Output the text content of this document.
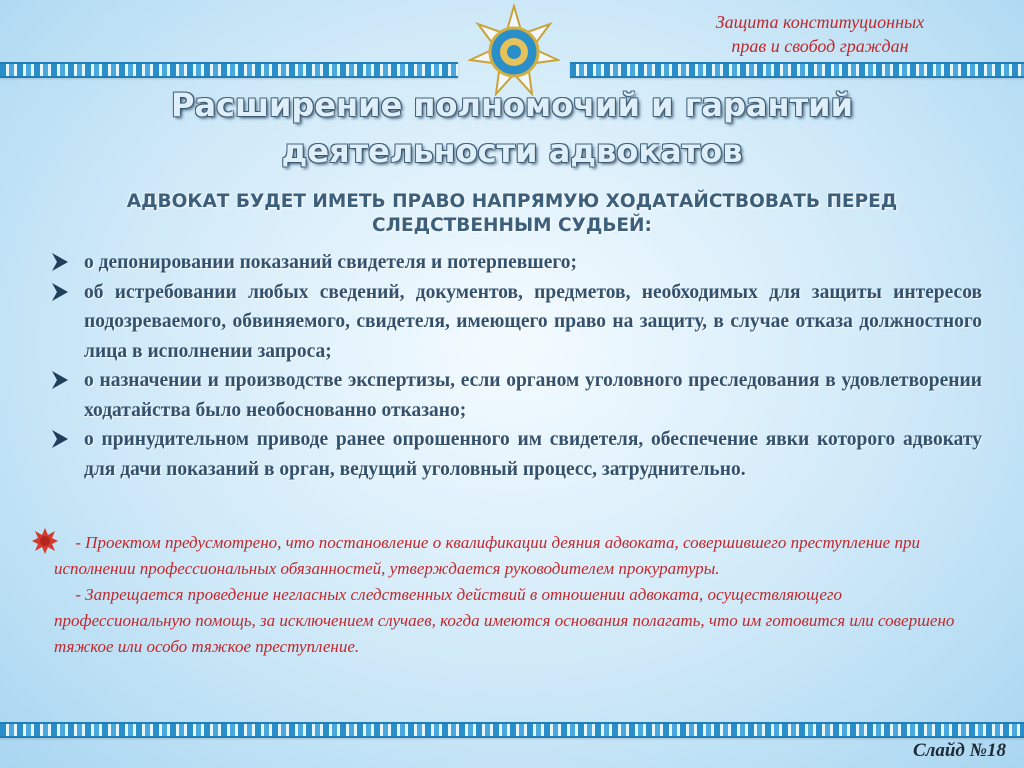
Защита конституционных
прав и свобод граждан
Расширение полномочий и гарантий
деятельности адвокатов
АДВОКАТ БУДЕТ ИМЕТЬ ПРАВО НАПРЯМУЮ ХОДАТАЙСТВОВАТЬ ПЕРЕД
СЛЕДСТВЕННЫМ СУДЬЕЙ:
о депонировании показаний свидетеля и потерпевшего;
об истребовании любых сведений, документов, предметов, необходимых для защиты интересов подозреваемого, обвиняемого, свидетеля, имеющего право на защиту, в случае отказа должностного лица в исполнении запроса;
о назначении и производстве экспертизы, если органом уголовного преследования в удовлетворении ходатайства было необоснованно отказано;
о принудительном приводе ранее опрошенного им свидетеля, обеспечение явки которого адвокату для дачи показаний в орган, ведущий уголовный процесс, затруднительно.

- Проектом предусмотрено, что постановление о квалификации деяния адвоката, совершившего преступление при исполнении профессиональных обязанностей, утверждается руководителем прокуратуры.

- Запрещается проведение негласных следственных действий в отношении адвоката, осуществляющего профессиональную помощь, за исключением случаев, когда имеются основания полагать, что им готовится или совершено тяжкое или особо тяжкое преступление.

Слайд №18
